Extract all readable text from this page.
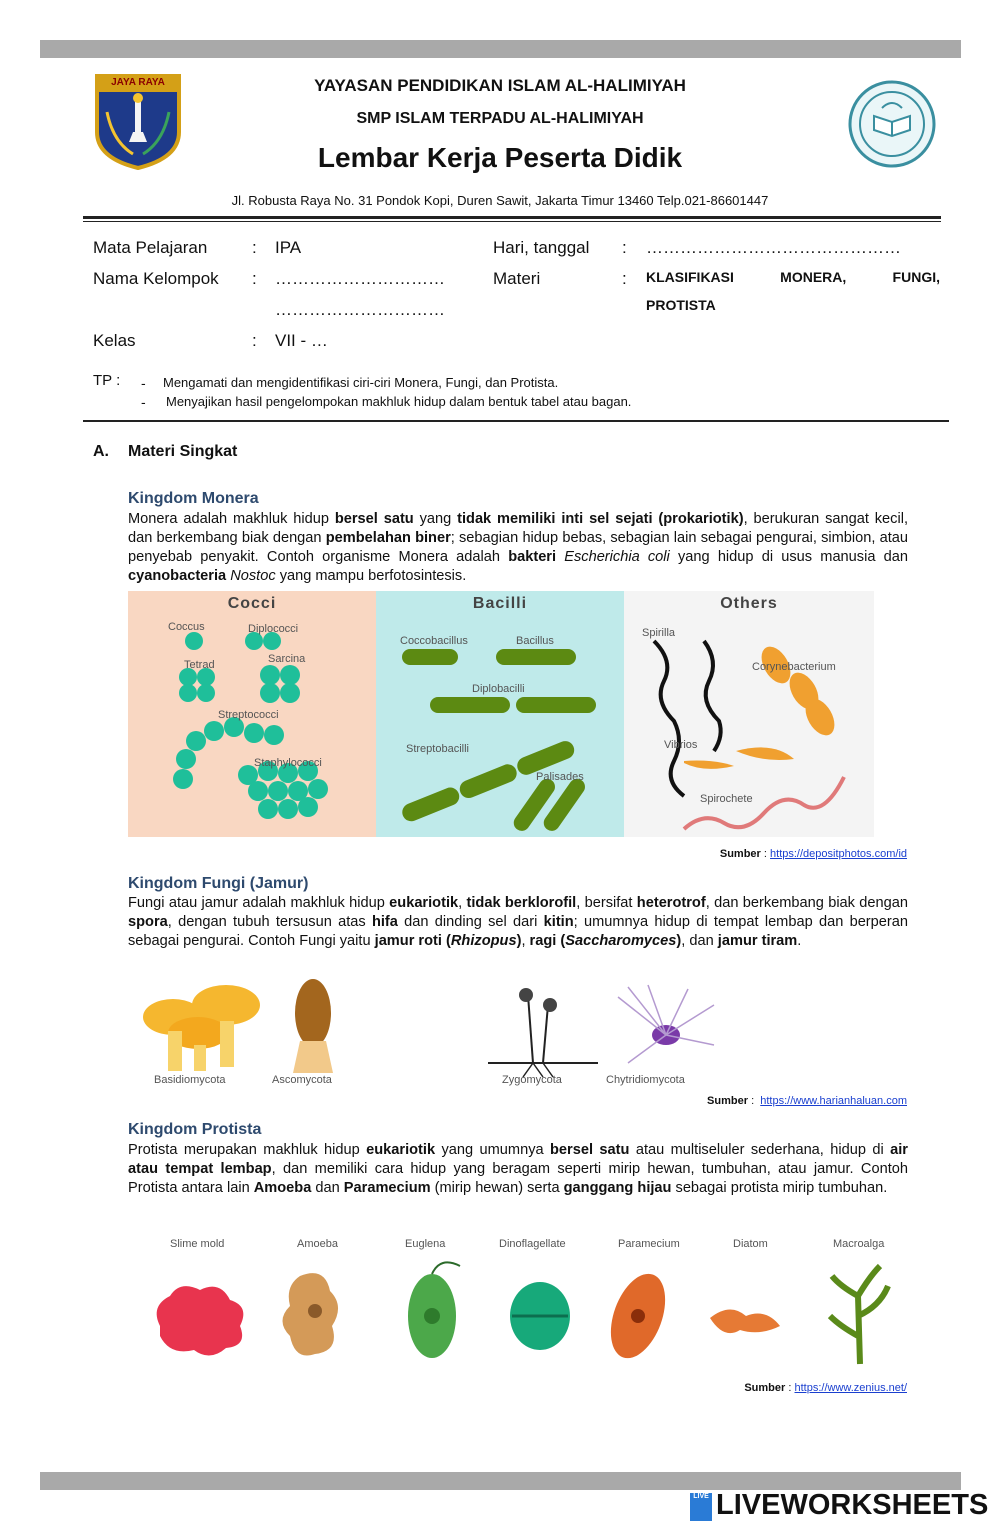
JAYA RAYA	YAYASAN PENDIDIKAN ISLAM AL-HALIMIYAH
SMP ISLAM TERPADU AL-HALIMIYAH
Lembar Kerja Peserta Didik
Jl. Robusta Raya No. 31 Pondok Kopi, Duren Sawit, Jakarta Timur 13460 Telp.021-86601447
Mata Pelajaran	: IPA
Nama Kelompok : …………………………
…………………………
Kelas	: VII - …
Hari, tanggal : ………………………………………
Materi	: KLASIFIKASI MONERA, FUNGI,
PROTISTA
TP : - Mengamati dan mengidentifikasi ciri-ciri Monera, Fungi, dan Protista.
- Menyajikan hasil pengelompokan makhluk hidup dalam bentuk tabel atau bagan.
A. Materi Singkat
Kingdom Monera
Monera adalah makhluk hidup bersel satu yang tidak memiliki inti sel sejati (prokariotik), berukuran sangat kecil, dan berkembang biak dengan pembelahan biner; sebagian hidup bebas, sebagian lain sebagai pengurai, simbion, atau penyebab penyakit. Contoh organisme Monera adalah bakteri Escherichia coli yang hidup di usus manusia dan cyanobacteria Nostoc yang mampu berfotosintesis.
Cocci
Coccus	Diplococci
Tetrad	Sarcina
Streptococci
Staphylococci
Bacilli
Coccobacillus	Bacillus
Diplobacilli
Streptobacilli
Palisades
Others
Spirilla
Corynebacterium
Vibrios
Spirochete
Sumber : https://depositphotos.com/id
Kingdom Fungi (Jamur)
Fungi atau jamur adalah makhluk hidup eukariotik, tidak berklorofil, bersifat heterotrof, dan berkembang biak dengan spora, dengan tubuh tersusun atas hifa dan dinding sel dari kitin; umumnya hidup di tempat lembap dan berperan sebagai pengurai. Contoh Fungi yaitu jamur roti (Rhizopus), ragi (Saccharomyces), dan jamur tiram.
Basidiomycota	Ascomycota	Zygomycota	Chytridiomycota
Sumber : https://www.harianhaluan.com
Kingdom Protista
Protista merupakan makhluk hidup eukariotik yang umumnya bersel satu atau multiseluler sederhana, hidup di air atau tempat lembap, dan memiliki cara hidup yang beragam seperti mirip hewan, tumbuhan, atau jamur. Contoh Protista antara lain Amoeba dan Paramecium (mirip hewan) serta ganggang hijau sebagai protista mirip tumbuhan.
Slime mold	Amoeba	Euglena	Dinoflagellate	Paramecium	Diatom	Macroalga
Sumber : https://www.zenius.net/
LIVE LIVEWORKSHEETS
